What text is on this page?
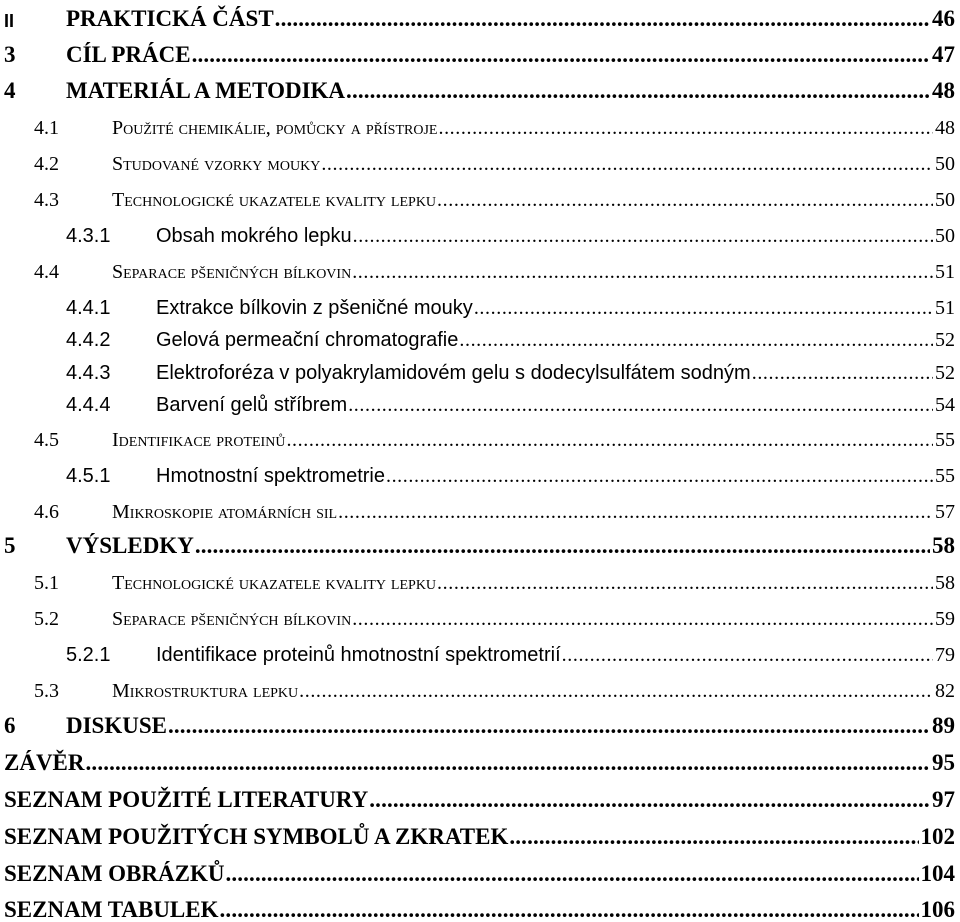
II	PRAKTICKÁ ČÁST . . .	46
3	CÍL PRÁCE . . .	47
4	MATERIÁL A METODIKA . . .	48
4.1	Použité chemikálie, pomůcky a přístroje . . .	48
4.2	Studované vzorky mouky . . .	50
4.3	Technologické ukazatele kvality lepku . . .	50
4.3.1	Obsah mokrého lepku . . .	50
4.4	Separace pšeničných bílkovin . . .	51
4.4.1	Extrakce bílkovin z pšeničné mouky . . .	51
4.4.2	Gelová permeační chromatografie . . .	52
4.4.3	Elektroforéza v polyakrylamidovém gelu s dodecylsulfátem sodným . . .	52
4.4.4	Barvení gelů stříbrem . . .	54
4.5	Identifikace proteinů . . .	55
4.5.1	Hmotnostní spektrometrie . . .	55
4.6	Mikroskopie atomárních sil . . .	57
5	VÝSLEDKY . . .	58
5.1	Technologické ukazatele kvality lepku . . .	58
5.2	Separace pšeničných bílkovin . . .	59
5.2.1	Identifikace proteinů hmotnostní spektrometrií . . .	79
5.3	Mikrostruktura lepku . . .	82
6	DISKUSE . . .	89
ZÁVĚR . . .	95
SEZNAM POUŽITÉ LITERATURY . . .	97
SEZNAM POUŽITÝCH SYMBOLŮ A ZKRATEK . . .	102
SEZNAM OBRÁZKŮ . . .	104
SEZNAM TABULEK . . .	106
